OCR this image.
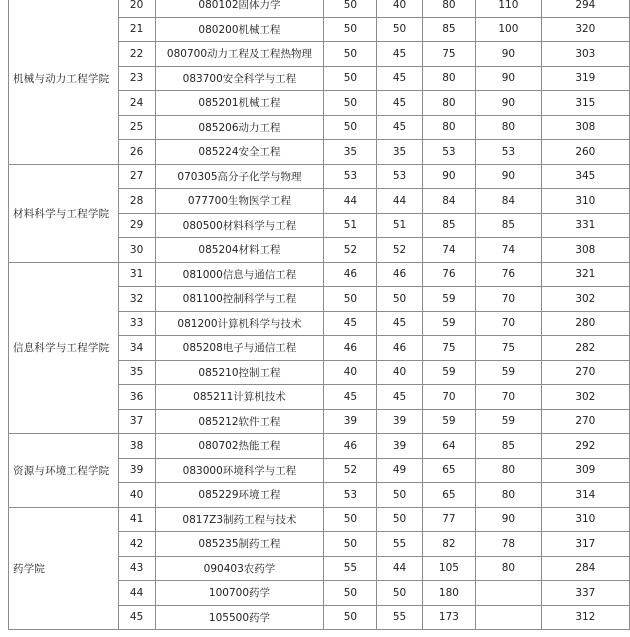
机械与动力工程学院	20	080102固体力学	50	40	80	110	294
	21	080200机械工程	50	50	85	100	320
	22	080700动力工程及工程热物理	50	45	75	90	303
	23	083700安全科学与工程	50	45	80	90	319
	24	085201机械工程	50	45	80	90	315
	25	085206动力工程	50	45	80	80	308
	26	085224安全工程	35	35	53	53	260
材料科学与工程学院	27	070305高分子化学与物理	53	53	90	90	345
	28	077700生物医学工程	44	44	84	84	310
	29	080500材料科学与工程	51	51	85	85	331
	30	085204材料工程	52	52	74	74	308
信息科学与工程学院	31	081000信息与通信工程	46	46	76	76	321
	32	081100控制科学与工程	50	50	59	70	302
	33	081200计算机科学与技术	45	45	59	70	280
	34	085208电子与通信工程	46	46	75	75	282
	35	085210控制工程	40	40	59	59	270
	36	085211计算机技术	45	45	70	70	302
	37	085212软件工程	39	39	59	59	270
资源与环境工程学院	38	080702热能工程	46	39	64	85	292
	39	083000环境科学与工程	52	49	65	80	309
	40	085229环境工程	53	50	65	80	314
药学院	41	0817Z3制药工程与技术	50	50	77	90	310
	42	085235制药工程	50	55	82	78	317
	43	090403农药学	55	44	105	80	284
	44	100700药学	50	50	180		337
	45	105500药学	50	55	173		312
